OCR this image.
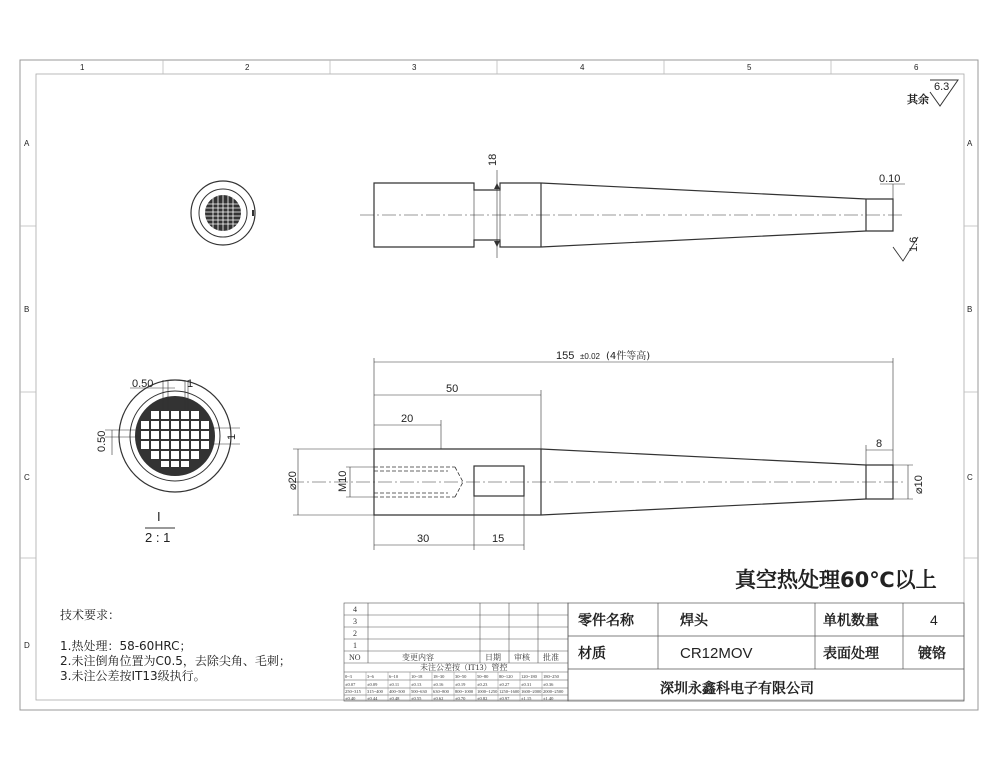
1	2	3	4	5	6
A
B
C
D
A
B
C
其余
6.3
18
0.10
1.6
0.50	1
0.50	1
I
2 : 1
155 ±0.02 (4件等高)
50
20
30	15
8
⌀20	M10	⌀10
真空热处理60℃以上
技术要求：
1.热处理：58-60HRC；
2.未注倒角位置为C0.5，去除尖角、毛刺；
3.未注公差按IT13级执行。
4
3
2
1
NO	变更内容	日期 审核 批准
未注公差按（IT13）管控
0~3	3~6	6~10	10~18 18~30 30~50 50~80 80~120 120~180 180~250
±0.07	±0.09	±0.11	±0.13	±0.16	±0.19	±0.23	±0.27	±0.31	±0.36
250~315 315~400 400~500 500~630 630~800 800~1000 1000~1250 1250~1600 1600~2000 2000~2500
±0.40	±0.44	±0.48	±0.55	±0.62	±0.70	±0.82	±0.97	±1.15	±1.40
零件名称	焊头	单机数量	4
材质	CR12MOV	表面处理	镀铬
深圳永鑫科电子有限公司
